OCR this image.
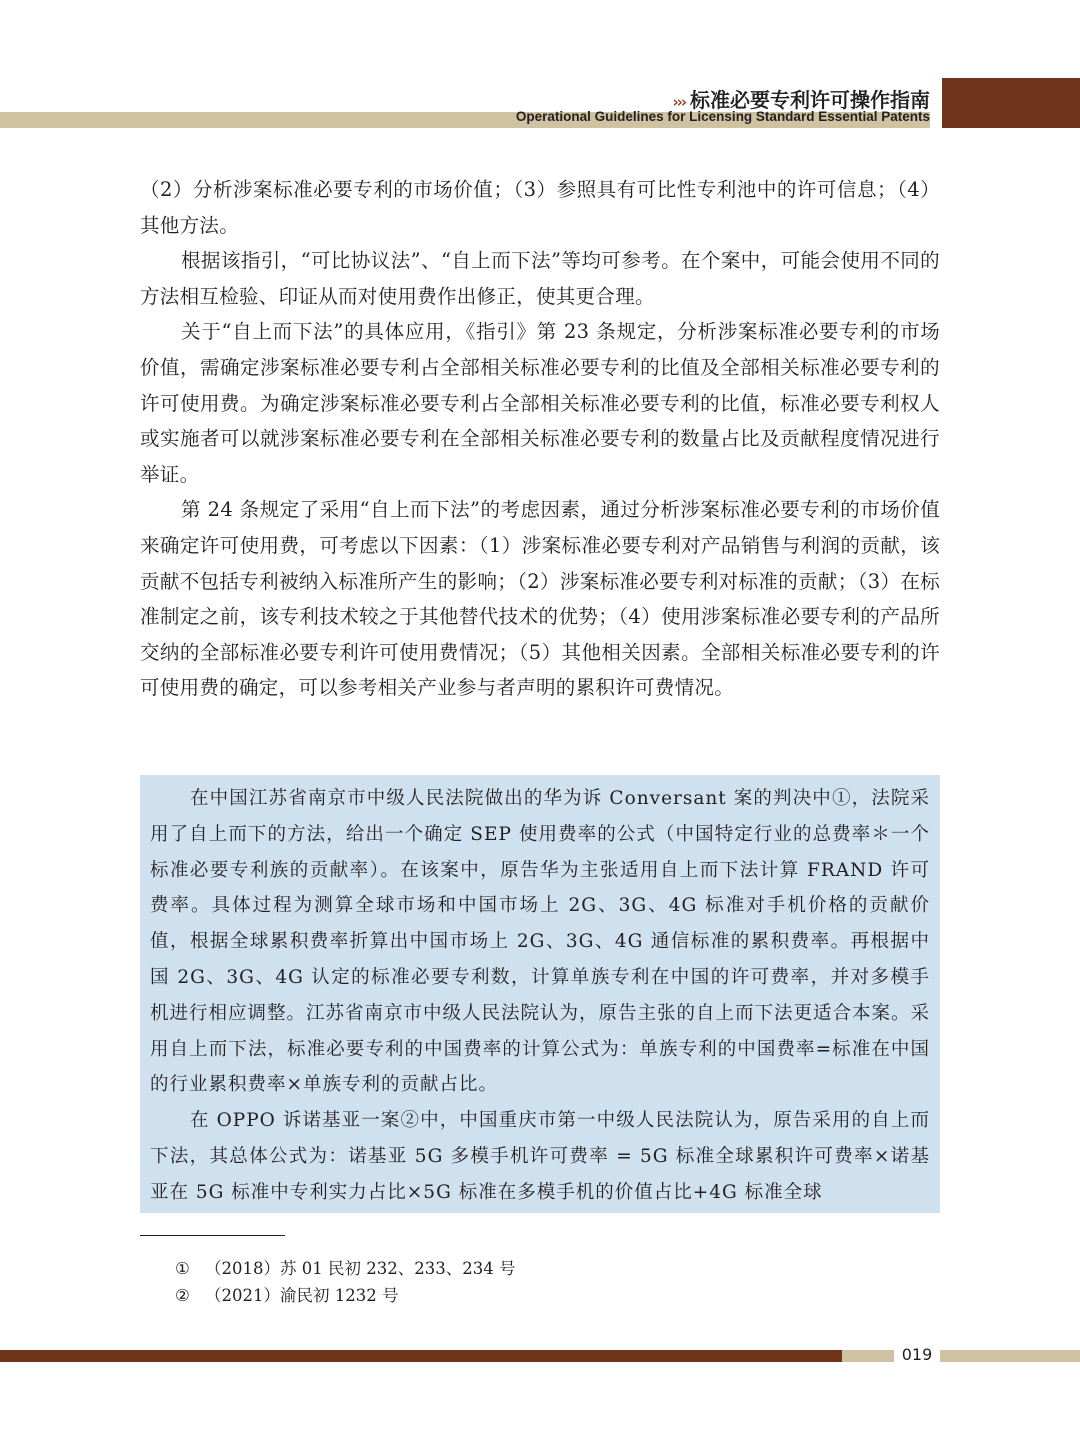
››› 标准必要专利许可操作指南
Operational Guidelines for Licensing Standard Essential Patents

（2）分析涉案标准必要专利的市场价值；（3）参照具有可比性专利池中的许可信息；（4）其他方法。

根据该指引，“可比协议法”、“自上而下法”等均可参考。在个案中，可能会使用不同的方法相互检验、印证从而对使用费作出修正，使其更合理。

关于“自上而下法”的具体应用，《指引》第 23 条规定，分析涉案标准必要专利的市场价值，需确定涉案标准必要专利占全部相关标准必要专利的比值及全部相关标准必要专利的许可使用费。为确定涉案标准必要专利占全部相关标准必要专利的比值，标准必要专利权人或实施者可以就涉案标准必要专利在全部相关标准必要专利的数量占比及贡献程度情况进行举证。

第 24 条规定了采用“自上而下法”的考虑因素，通过分析涉案标准必要专利的市场价值来确定许可使用费，可考虑以下因素：（1）涉案标准必要专利对产品销售与利润的贡献，该贡献不包括专利被纳入标准所产生的影响；（2）涉案标准必要专利对标准的贡献；（3）在标准制定之前，该专利技术较之于其他替代技术的优势；（4）使用涉案标准必要专利的产品所交纳的全部标准必要专利许可使用费情况；（5）其他相关因素。全部相关标准必要专利的许可使用费的确定，可以参考相关产业参与者声明的累积许可费情况。

在中国江苏省南京市中级人民法院做出的华为诉 Conversant 案的判决中①，法院采用了自上而下的方法，给出一个确定 SEP 使用费率的公式（中国特定行业的总费率＊一个标准必要专利族的贡献率）。在该案中，原告华为主张适用自上而下法计算 FRAND 许可费率。具体过程为测算全球市场和中国市场上 2G、3G、4G 标准对手机价格的贡献价值，根据全球累积费率折算出中国市场上 2G、3G、4G 通信标准的累积费率。再根据中国 2G、3G、4G 认定的标准必要专利数，计算单族专利在中国的许可费率，并对多模手机进行相应调整。江苏省南京市中级人民法院认为，原告主张的自上而下法更适合本案。采用自上而下法，标准必要专利的中国费率的计算公式为：单族专利的中国费率=标准在中国的行业累积费率×单族专利的贡献占比。

在 OPPO 诉诺基亚一案②中，中国重庆市第一中级人民法院认为，原告采用的自上而下法，其总体公式为：诺基亚 5G 多模手机许可费率 = 5G 标准全球累积许可费率×诺基亚在 5G 标准中专利实力占比×5G 标准在多模手机的价值占比+4G 标准全球

① （2018）苏 01 民初 232、233、234 号
② （2021）渝民初 1232 号
019
